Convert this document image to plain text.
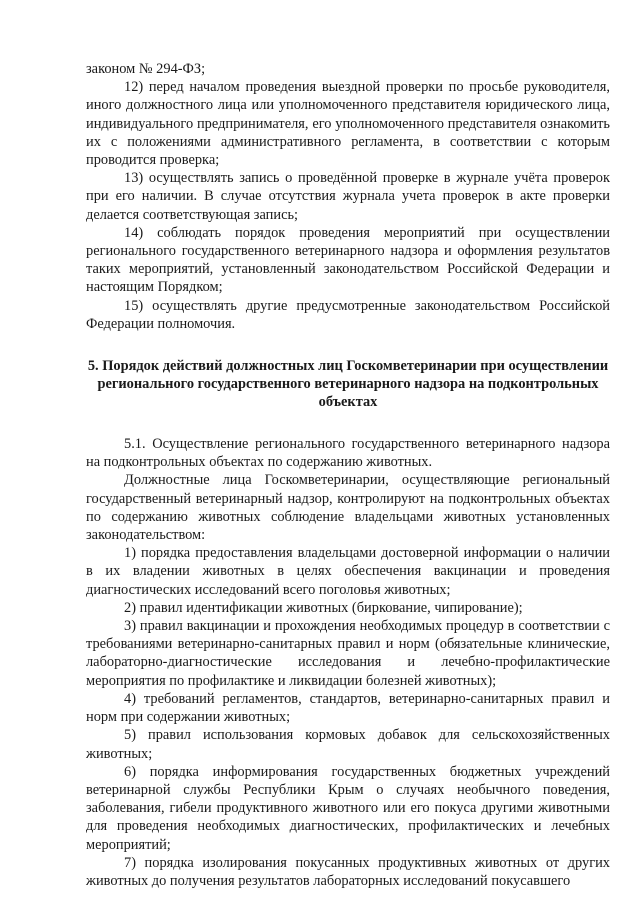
законом № 294-ФЗ;

12) перед началом проведения выездной проверки по просьбе руководителя, иного должностного лица или уполномоченного представителя юридического лица, индивидуального предпринимателя, его уполномоченного представителя ознакомить их с положениями административного регламента, в соответствии с которым проводится проверка;

13) осуществлять запись о проведённой проверке в журнале учёта проверок при его наличии. В случае отсутствия журнала учета проверок в акте проверки делается соответствующая запись;

14) соблюдать порядок проведения мероприятий при осуществлении регионального государственного ветеринарного надзора и оформления результатов таких мероприятий, установленный законодательством Российской Федерации и настоящим Порядком;

15) осуществлять другие предусмотренные законодательством Российской Федерации полномочия.

5. Порядок действий должностных лиц Госкомветеринарии при осуществлении регионального государственного ветеринарного надзора на подконтрольных объектах

5.1. Осуществление регионального государственного ветеринарного надзора на подконтрольных объектах по содержанию животных.

Должностные лица Госкомветеринарии, осуществляющие региональный государственный ветеринарный надзор, контролируют на подконтрольных объектах по содержанию животных соблюдение владельцами животных установленных законодательством:

1) порядка предоставления владельцами достоверной информации о наличии в их владении животных в целях обеспечения вакцинации и проведения диагностических исследований всего поголовья животных;

2) правил идентификации животных (биркование, чипирование);

3) правил вакцинации и прохождения необходимых процедур в соответствии с требованиями ветеринарно-санитарных правил и норм (обязательные клинические, лабораторно-диагностические исследования и лечебно-профилактические мероприятия по профилактике и ликвидации болезней животных);

4) требований регламентов, стандартов, ветеринарно-санитарных правил и норм при содержании животных;

5) правил использования кормовых добавок для сельскохозяйственных животных;

6) порядка информирования государственных бюджетных учреждений ветеринарной службы Республики Крым о случаях необычного поведения, заболевания, гибели продуктивного животного или его покуса другими животными для проведения необходимых диагностических, профилактических и лечебных мероприятий;

7) порядка изолирования покусанных продуктивных животных от других животных до получения результатов лабораторных исследований покусавшего
